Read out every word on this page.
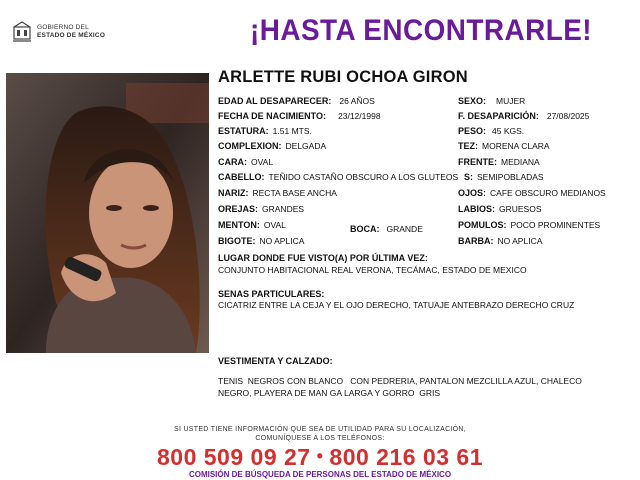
GOBIERNO DEL
ESTADO DE MÉXICO	¡HASTA ENCONTRARLE!
ARLETTE RUBI OCHOA GIRON
EDAD AL DESAPARECER: 26 AÑOS
FECHA DE NACIMIENTO: 23/12/1998
ESTATURA: 1.51 MTS.
COMPLEXION: DELGADA
CARA: OVAL
CABELLO: TEÑIDO CASTAÑO OBSCURO A LOS GLUTEOS
NARIZ: RECTA BASE ANCHA
OREJAS: GRANDES
MENTON: OVAL	BOCA: GRANDE
BIGOTE: NO APLICA
SEXO: MUJER
F. DESAPARICIÓN: 27/08/2025
PESO: 45 KGS.
TEZ: MORENA CLARA
FRENTE: MEDIANA
S: SEMIPOBLADAS
OJOS: CAFE OBSCURO MEDIANOS
LABIOS: GRUESOS
POMULOS: POCO PROMINENTES
BARBA: NO APLICA
LUGAR DONDE FUE VISTO(A) POR ÚLTIMA VEZ:
CONJUNTO HABITACIONAL REAL VERONA, TECÁMAC, ESTADO DE MEXICO
SENAS PARTICULARES:
CICATRIZ ENTRE LA CEJA Y EL OJO DERECHO, TATUAJE ANTEBRAZO DERECHO CRUZ
VESTIMENTA Y CALZADO:
TENIS  NEGROS CON BLANCO   CON PEDRERIA, PANTALON MEZCLILLA AZUL, CHALECO
NEGRO, PLAYERA DE MAN GA LARGA Y GORRO  GRIS
SI USTED TIENE INFORMACIÓN QUE SEA DE UTILIDAD PARA SU LOCALIZACIÓN,
COMUNÍQUESE A LOS TELÉFONOS:
800 509 09 27 • 800 216 03 61
COMISIÓN DE BÚSQUEDA DE PERSONAS DEL ESTADO DE MÉXICO
